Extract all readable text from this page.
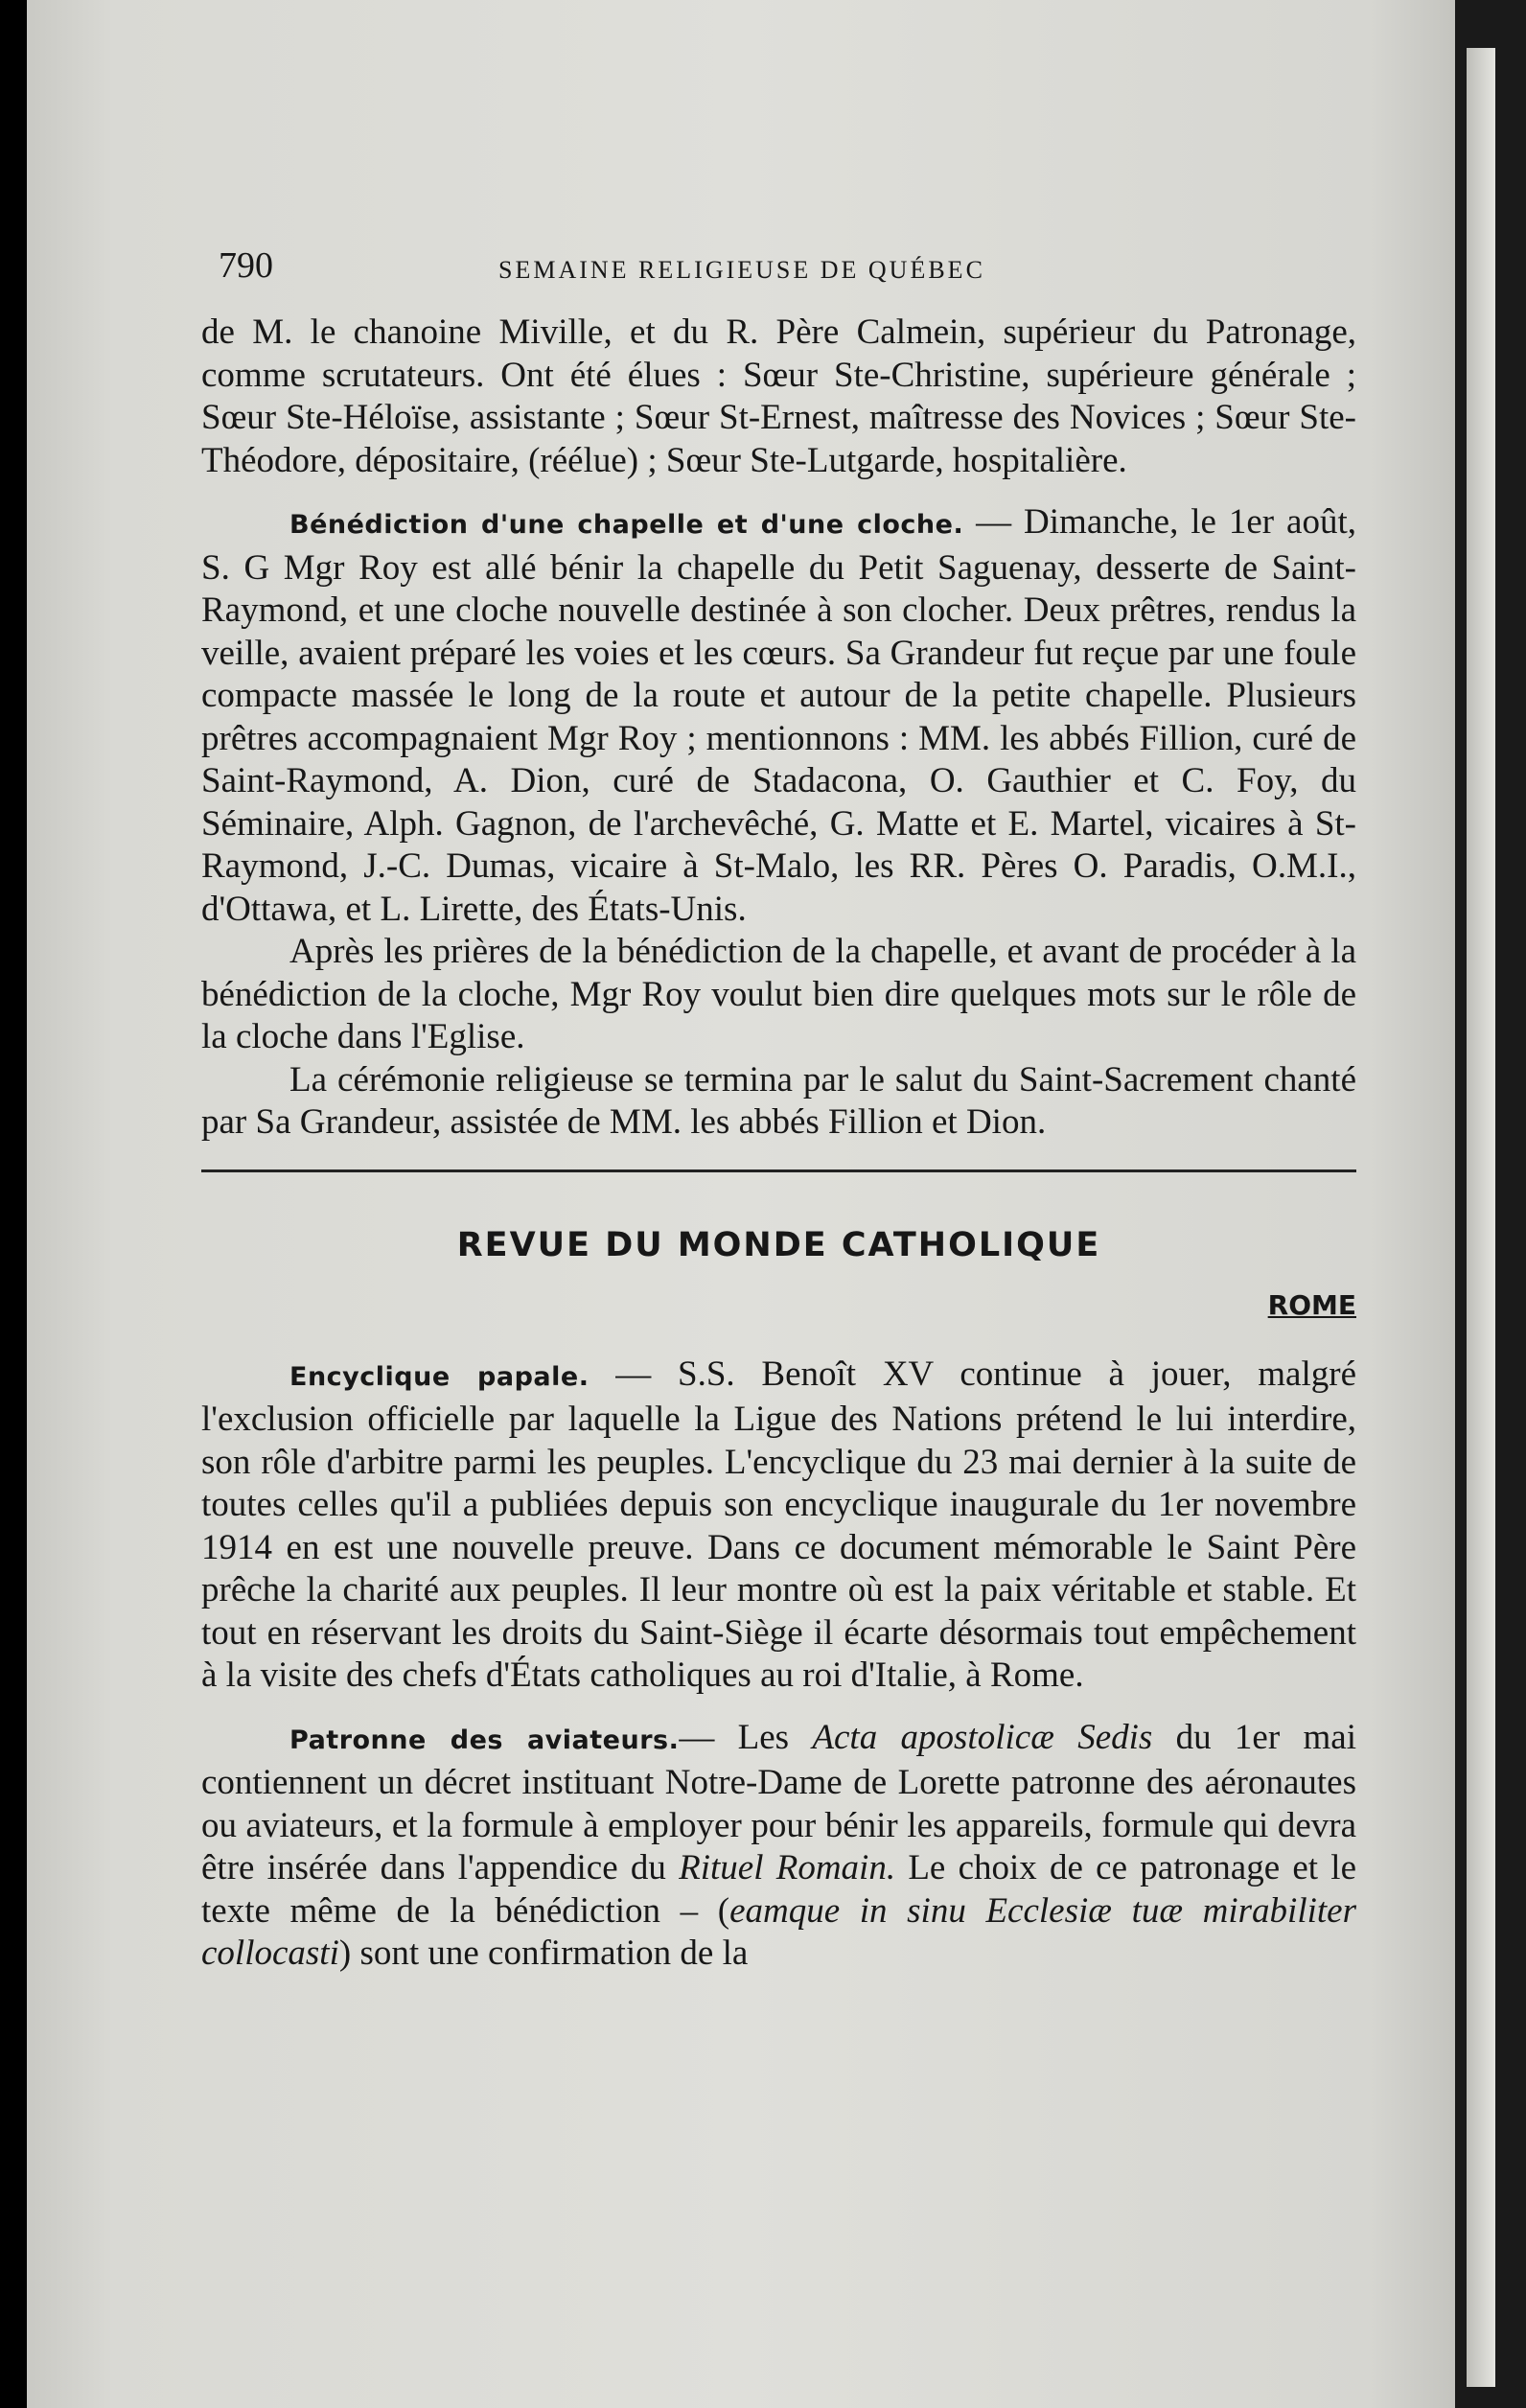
790	SEMAINE RELIGIEUSE DE QUÉBEC

de M. le chanoine Miville, et du R. Père Calmein, supérieur du Patronage, comme scrutateurs. Ont été élues : Sœur Ste-Christine, supérieure générale ; Sœur Ste-Héloïse, assistante ; Sœur St-Ernest, maîtresse des Novices ; Sœur Ste-Théodore, dépositaire, (réélue) ; Sœur Ste-Lutgarde, hospitalière.

Bénédiction d'une chapelle et d'une cloche. — Dimanche, le 1er août, S. G Mgr Roy est allé bénir la chapelle du Petit Saguenay, desserte de Saint-Raymond, et une cloche nouvelle destinée à son clocher. Deux prêtres, rendus la veille, avaient préparé les voies et les cœurs. Sa Grandeur fut reçue par une foule compacte massée le long de la route et autour de la petite chapelle. Plusieurs prêtres accompagnaient Mgr Roy ; mentionnons : MM. les abbés Fillion, curé de Saint-Raymond, A. Dion, curé de Stadacona, O. Gauthier et C. Foy, du Séminaire, Alph. Gagnon, de l'archevêché, G. Matte et E. Martel, vicaires à St-Raymond, J.-C. Dumas, vicaire à St-Malo, les RR. Pères O. Paradis, O.M.I., d'Ottawa, et L. Lirette, des États-Unis.

Après les prières de la bénédiction de la chapelle, et avant de procéder à la bénédiction de la cloche, Mgr Roy voulut bien dire quelques mots sur le rôle de la cloche dans l'Eglise.

La cérémonie religieuse se termina par le salut du Saint-Sacrement chanté par Sa Grandeur, assistée de MM. les abbés Fillion et Dion.

REVUE DU MONDE CATHOLIQUE
ROME

Encyclique papale. — S.S. Benoît XV continue à jouer, malgré l'exclusion officielle par laquelle la Ligue des Nations prétend le lui interdire, son rôle d'arbitre parmi les peuples. L'encyclique du 23 mai dernier à la suite de toutes celles qu'il a publiées depuis son encyclique inaugurale du 1er novembre 1914 en est une nouvelle preuve. Dans ce document mémorable le Saint Père prêche la charité aux peuples. Il leur montre où est la paix véritable et stable. Et tout en réservant les droits du Saint-Siège il écarte désormais tout empêchement à la visite des chefs d'États catholiques au roi d'Italie, à Rome.

Patronne des aviateurs.— Les Acta apostolicæ Sedis du 1er mai contiennent un décret instituant Notre-Dame de Lorette patronne des aéronautes ou aviateurs, et la formule à employer pour bénir les appareils, formule qui devra être insérée dans l'appendice du Rituel Romain. Le choix de ce patronage et le texte même de la bénédiction – (eamque in sinu Ecclesiæ tuæ mirabiliter collocasti) sont une confirmation de la
